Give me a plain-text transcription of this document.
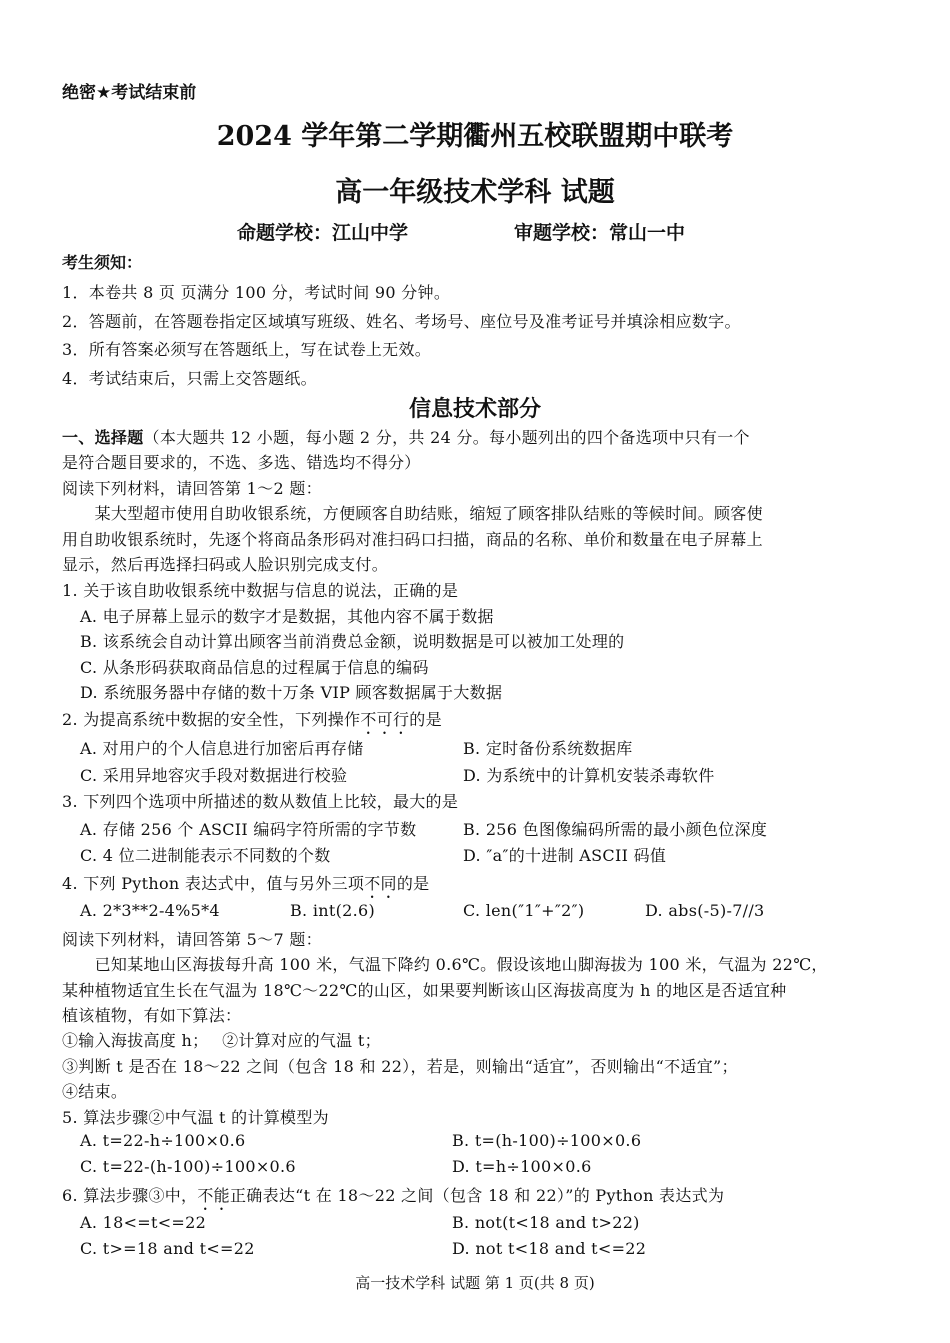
绝密★考试结束前
2024 学年第二学期衢州五校联盟期中联考
高一年级技术学科 试题
命题学校：江山中学	审题学校：常山一中
考生须知：
1．本卷共 8 页 页满分 100 分，考试时间 90 分钟。
2．答题前，在答题卷指定区域填写班级、姓名、考场号、座位号及准考证号并填涂相应数字。
3．所有答案必须写在答题纸上，写在试卷上无效。
4．考试结束后，只需上交答题纸。
信息技术部分
一、选择题（本大题共 12 小题，每小题 2 分，共 24 分。每小题列出的四个备选项中只有一个
是符合题目要求的，不选、多选、错选均不得分）
阅读下列材料，请回答第 1～2 题：
　　某大型超市使用自助收银系统，方便顾客自助结账，缩短了顾客排队结账的等候时间。顾客使
用自助收银系统时，先逐个将商品条形码对准扫码口扫描，商品的名称、单价和数量在电子屏幕上
显示，然后再选择扫码或人脸识别完成支付。
1. 关于该自助收银系统中数据与信息的说法，正确的是
A. 电子屏幕上显示的数字才是数据，其他内容不属于数据
B. 该系统会自动计算出顾客当前消费总金额，说明数据是可以被加工处理的
C. 从条形码获取商品信息的过程属于信息的编码
D. 系统服务器中存储的数十万条 VIP 顾客数据属于大数据
2. 为提高系统中数据的安全性，下列操作不可行的是
A. 对用户的个人信息进行加密后再存储	B. 定时备份系统数据库
C. 采用异地容灾手段对数据进行校验	D. 为系统中的计算机安装杀毒软件
3. 下列四个选项中所描述的数从数值上比较，最大的是
A. 存储 256 个 ASCII 编码字符所需的字节数	B. 256 色图像编码所需的最小颜色位深度
C. 4 位二进制能表示不同数的个数	D. ″a″的十进制 ASCII 码值
4. 下列 Python 表达式中，值与另外三项不同的是
A. 2*3**2-4%5*4	B. int(2.6)	C. len(″1″+″2″)	D. abs(-5)-7//3
阅读下列材料，请回答第 5～7 题：
　　已知某地山区海拔每升高 100 米，气温下降约 0.6℃。假设该地山脚海拔为 100 米，气温为 22℃，
某种植物适宜生长在气温为 18℃～22℃的山区，如果要判断该山区海拔高度为 h 的地区是否适宜种
植该植物，有如下算法：
①输入海拔高度 h；　 ②计算对应的气温 t；
③判断 t 是否在 18～22 之间（包含 18 和 22），若是，则输出“适宜”，否则输出“不适宜”；
④结束。
5. 算法步骤②中气温 t 的计算模型为
A. t=22-h÷100×0.6	B. t=(h-100)÷100×0.6
C. t=22-(h-100)÷100×0.6	D. t=h÷100×0.6
6. 算法步骤③中，不能正确表达“t 在 18～22 之间（包含 18 和 22）”的 Python 表达式为
A. 18<=t<=22	B. not(t<18 and t>22)
C. t>=18 and t<=22	D. not t<18 and t<=22
高一技术学科 试题 第 1 页(共 8 页)
